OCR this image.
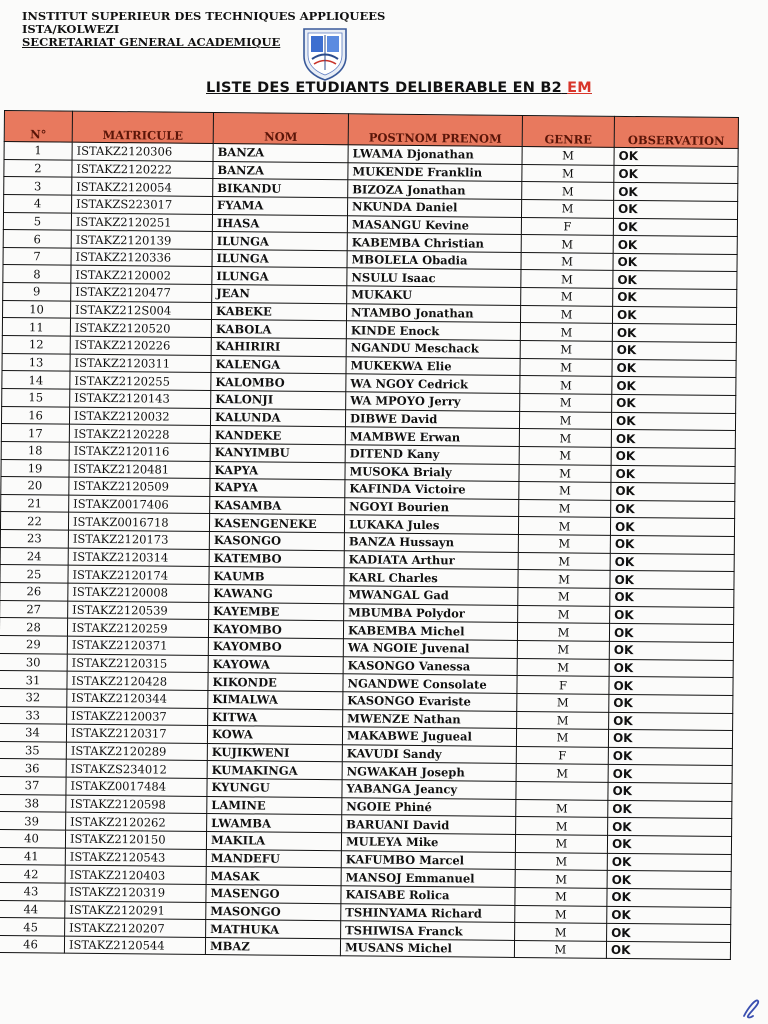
INSTITUT SUPERIEUR DES TECHNIQUES APPLIQUEES
ISTA/KOLWEZI
SECRETARIAT GENERAL ACADEMIQUE
LISTE DES ETUDIANTS DELIBERABLE EN B2 EM
N°	MATRICULE	NOM	POSTNOM PRENOM	GENRE	OBSERVATION
1	ISTAKZ2120306	BANZA	LWAMA Djonathan	M	OK
2	ISTAKZ2120222	BANZA	MUKENDE Franklin	M	OK
3	ISTAKZ2120054	BIKANDU	BIZOZA Jonathan	M	OK
4	ISTAKZS223017	FYAMA	NKUNDA Daniel	M	OK
5	ISTAKZ2120251	IHASA	MASANGU Kevine	F	OK
6	ISTAKZ2120139	ILUNGA	KABEMBA Christian	M	OK
7	ISTAKZ2120336	ILUNGA	MBOLELA Obadia	M	OK
8	ISTAKZ2120002	ILUNGA	NSULU Isaac	M	OK
9	ISTAKZ2120477	JEAN	MUKAKU	M	OK
10	ISTAKZ212S004	KABEKE	NTAMBO Jonathan	M	OK
11	ISTAKZ2120520	KABOLA	KINDE Enock	M	OK
12	ISTAKZ2120226	KAHIRIRI	NGANDU Meschack	M	OK
13	ISTAKZ2120311	KALENGA	MUKEKWA Elie	M	OK
14	ISTAKZ2120255	KALOMBO	WA NGOY Cedrick	M	OK
15	ISTAKZ2120143	KALONJI	WA MPOYO Jerry	M	OK
16	ISTAKZ2120032	KALUNDA	DIBWE David	M	OK
17	ISTAKZ2120228	KANDEKE	MAMBWE Erwan	M	OK
18	ISTAKZ2120116	KANYIMBU	DITEND Kany	M	OK
19	ISTAKZ2120481	KAPYA	MUSOKA Brialy	M	OK
20	ISTAKZ2120509	KAPYA	KAFINDA Victoire	M	OK
21	ISTAKZ0017406	KASAMBA	NGOYI Bourien	M	OK
22	ISTAKZ0016718	KASENGENEKE	LUKAKA Jules	M	OK
23	ISTAKZ2120173	KASONGO	BANZA Hussayn	M	OK
24	ISTAKZ2120314	KATEMBO	KADIATA Arthur	M	OK
25	ISTAKZ2120174	KAUMB	KARL Charles	M	OK
26	ISTAKZ2120008	KAWANG	MWANGAL Gad	M	OK
27	ISTAKZ2120539	KAYEMBE	MBUMBA Polydor	M	OK
28	ISTAKZ2120259	KAYOMBO	KABEMBA Michel	M	OK
29	ISTAKZ2120371	KAYOMBO	WA NGOIE Juvenal	M	OK
30	ISTAKZ2120315	KAYOWA	KASONGO Vanessa	M	OK
31	ISTAKZ2120428	KIKONDE	NGANDWE Consolate	F	OK
32	ISTAKZ2120344	KIMALWA	KASONGO Evariste	M	OK
33	ISTAKZ2120037	KITWA	MWENZE Nathan	M	OK
34	ISTAKZ2120317	KOWA	MAKABWE Jugueal	M	OK
35	ISTAKZ2120289	KUJIKWENI	KAVUDI Sandy	F	OK
36	ISTAKZS234012	KUMAKINGA	NGWAKAH Joseph	M	OK
37	ISTAKZ0017484	KYUNGU	YABANGA Jeancy		OK
38	ISTAKZ2120598	LAMINE	NGOIE Phiné	M	OK
39	ISTAKZ2120262	LWAMBA	BARUANI David	M	OK
40	ISTAKZ2120150	MAKILA	MULEYA Mike	M	OK
41	ISTAKZ2120543	MANDEFU	KAFUMBO Marcel	M	OK
42	ISTAKZ2120403	MASAK	MANSOJ Emmanuel	M	OK
43	ISTAKZ2120319	MASENGO	KAISABE Rolica	M	OK
44	ISTAKZ2120291	MASONGO	TSHINYAMA Richard	M	OK
45	ISTAKZ2120207	MATHUKA	TSHIWISA Franck	M	OK
46	ISTAKZ2120544	MBAZ	MUSANS Michel	M	OK
